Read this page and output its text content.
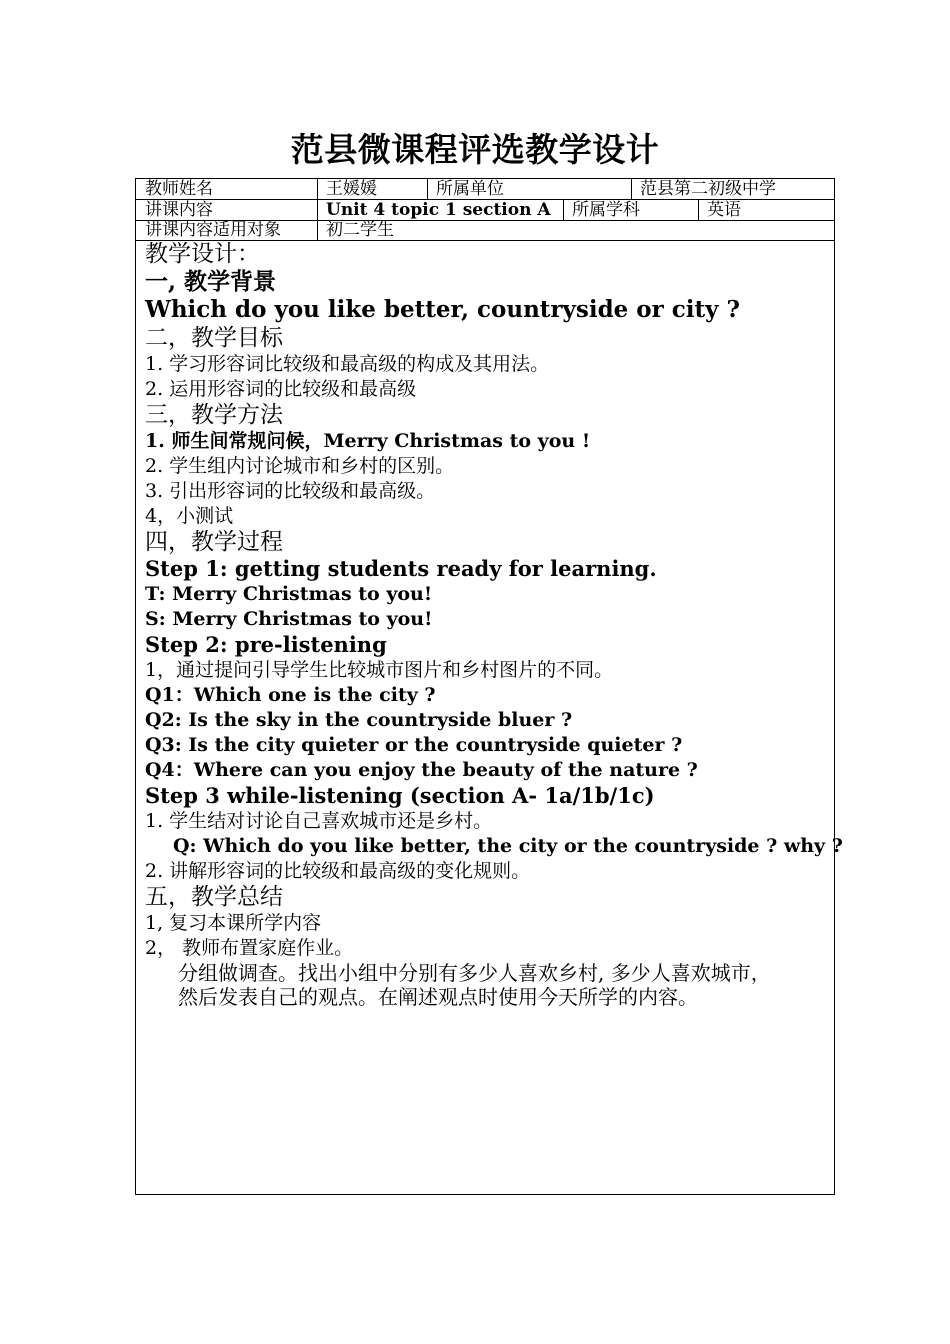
范县微课程评选教学设计
教师姓名	王媛媛	所属单位	范县第二初级中学
讲课内容	Unit 4 topic 1 section A 所属学科	英语
讲课内容适用对象	初二学生
教学设计：
一, 教学背景
Which do you like better, countryside or city ?
二，教学目标
1. 学习形容词比较级和最高级的构成及其用法。
2. 运用形容词的比较级和最高级
三，教学方法
1. 师生间常规问候，Merry Christmas to you !
2. 学生组内讨论城市和乡村的区别。
3. 引出形容词的比较级和最高级。
4，小测试
四，教学过程
Step 1: getting students ready for learning.
T: Merry Christmas to you!
S: Merry Christmas to you!
Step 2: pre-listening
1，通过提问引导学生比较城市图片和乡村图片的不同。
Q1：Which one is the city ?
Q2: Is the sky in the countryside bluer ?
Q3: Is the city quieter or the countryside quieter ?
Q4：Where can you enjoy the beauty of the nature ?
Step 3 while-listening (section A- 1a/1b/1c)
1. 学生结对讨论自己喜欢城市还是乡村。
Q: Which do you like better, the city or the countryside ? why ?
2. 讲解形容词的比较级和最高级的变化规则。
五，教学总结
1, 复习本课所学内容
2， 教师布置家庭作业。
分组做调查。找出小组中分别有多少人喜欢乡村, 多少人喜欢城市，
然后发表自己的观点。在阐述观点时使用今天所学的内容。
